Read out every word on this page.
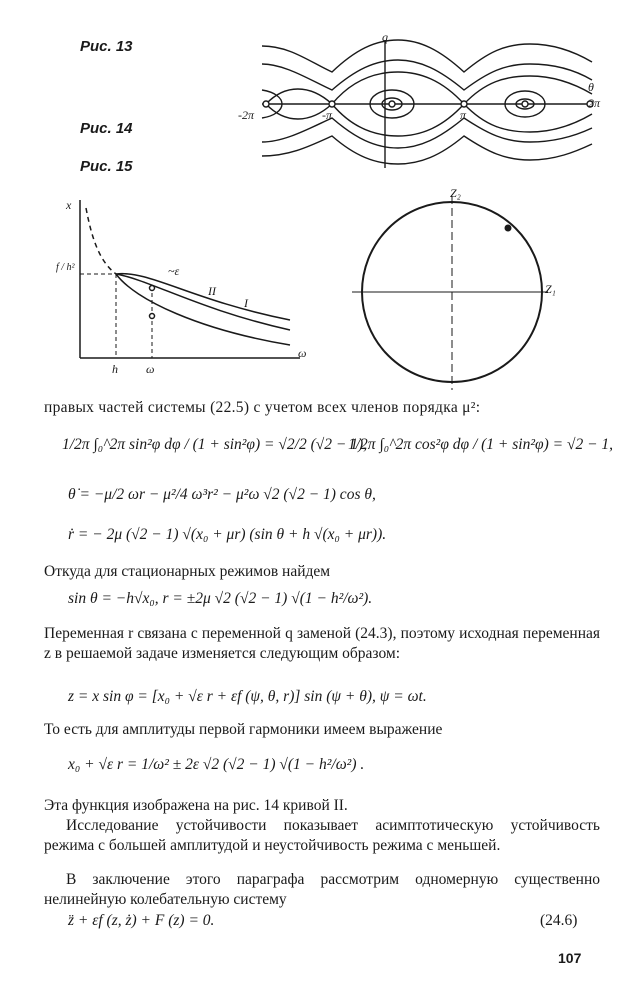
Рис. 13
Рис. 14
Рис. 15
q
θ
-2π	-π	π
2π
x
ω
f / h²
h ω
~ε
II
I
Z₂
Z₁
правых частей системы (22.5) с учетом всех членов порядка μ²:
1/2π ∫₀^2π sin²φ dφ / (1 + sin²φ) = √2/2 (√2 − 1),
1/2π ∫₀^2π cos²φ dφ / (1 + sin²φ) = √2 − 1,
θ̇ = −μ/2 ωr − μ²/4 ω³r² − μ²ω √2 (√2 − 1) cos θ,
ṙ = − 2μ (√2 − 1) √(x₀ + μr) (sin θ + h √(x₀ + μr)).
Откуда для стационарных режимов найдем
sin θ = −h√x₀, r = ±2μ √2 (√2 − 1) √(1 − h²/ω²).
Переменная r связана с переменной q заменой (24.3), поэтому исходная переменная z в решаемой задаче изменяется следующим образом:
z = x sin φ = [x₀ + √ε r + εf (ψ, θ, r)] sin (ψ + θ), ψ = ωt.
То есть для амплитуды первой гармоники имеем выражение
x₀ + √ε r = 1/ω² ± 2ε √2 (√2 − 1) √(1 − h²/ω²) .
Эта функция изображена на рис. 14 кривой II.
Исследование устойчивости показывает асимптотическую устойчивость режима с большей амплитудой и неустойчивость режима с меньшей.
В заключение этого параграфа рассмотрим одномерную существенно нелинейную колебательную систему
z̈ + εf (z, ż) + F (z) = 0.	(24.6)
107
